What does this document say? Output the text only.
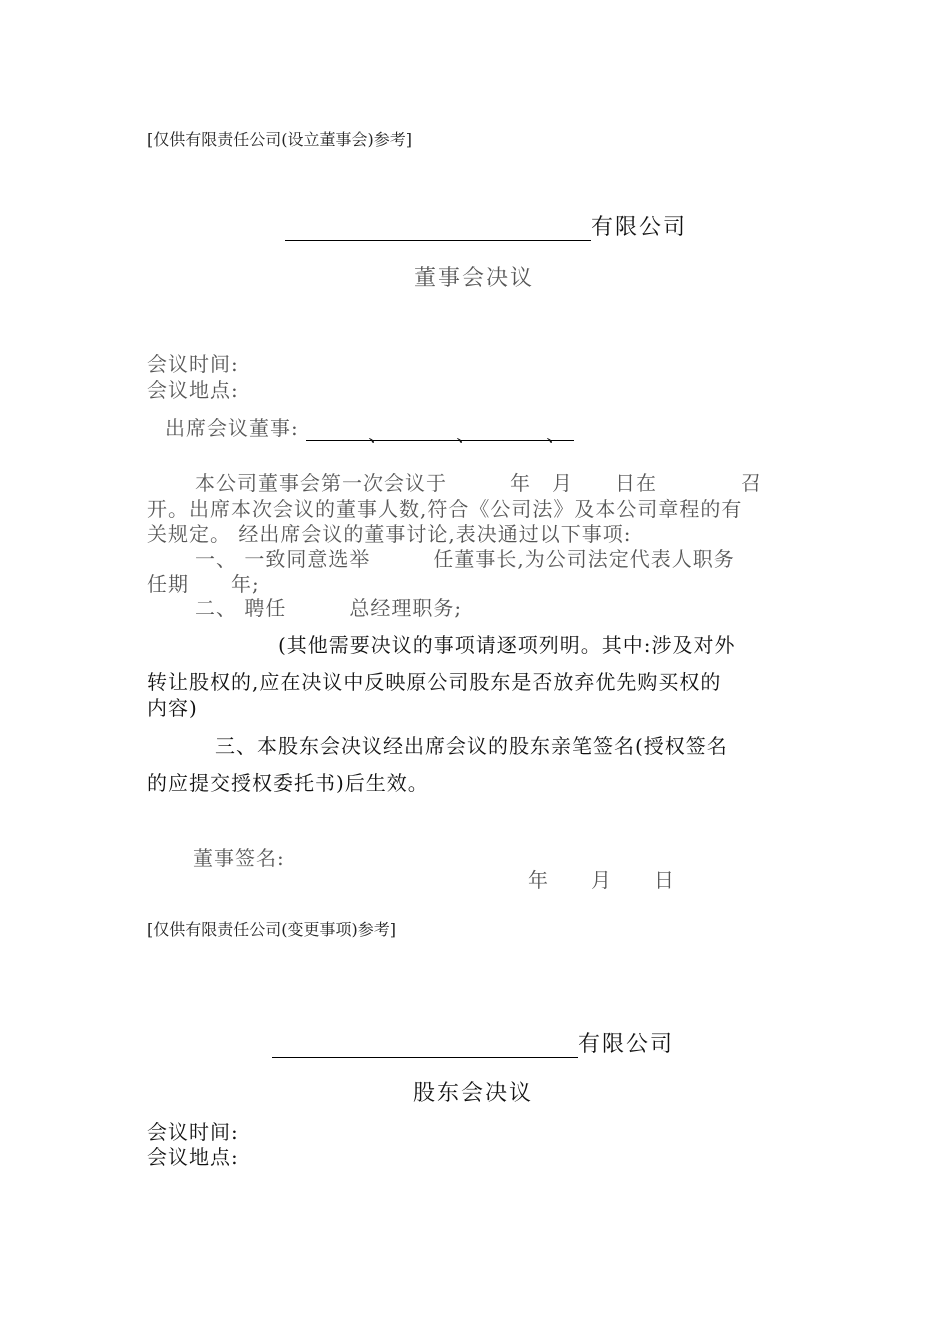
[仅供有限责任公司(设立董事会)参考]
有限公司
董事会决议
会议时间:
会议地点:
出席会议董事:	、	、	、
本公司董事会第一次会议于　　　年　月　　日在　　　　召
开。出席本次会议的董事人数,符合《公司法》及本公司章程的有
关规定。 经出席会议的董事讨论,表决通过以下事项:
一、 一致同意选举　　　任董事长,为公司法定代表人职务
任期　　年;
二、 聘任　　　总经理职务;
(其他需要决议的事项请逐项列明。其中:涉及对外
转让股权的,应在决议中反映原公司股东是否放弃优先购买权的
内容)
三、本股东会决议经出席会议的股东亲笔签名(授权签名
的应提交授权委托书)后生效。
董事签名:
年　　月　　日
[仅供有限责任公司(变更事项)参考]
有限公司
股东会决议
会议时间:
会议地点:
